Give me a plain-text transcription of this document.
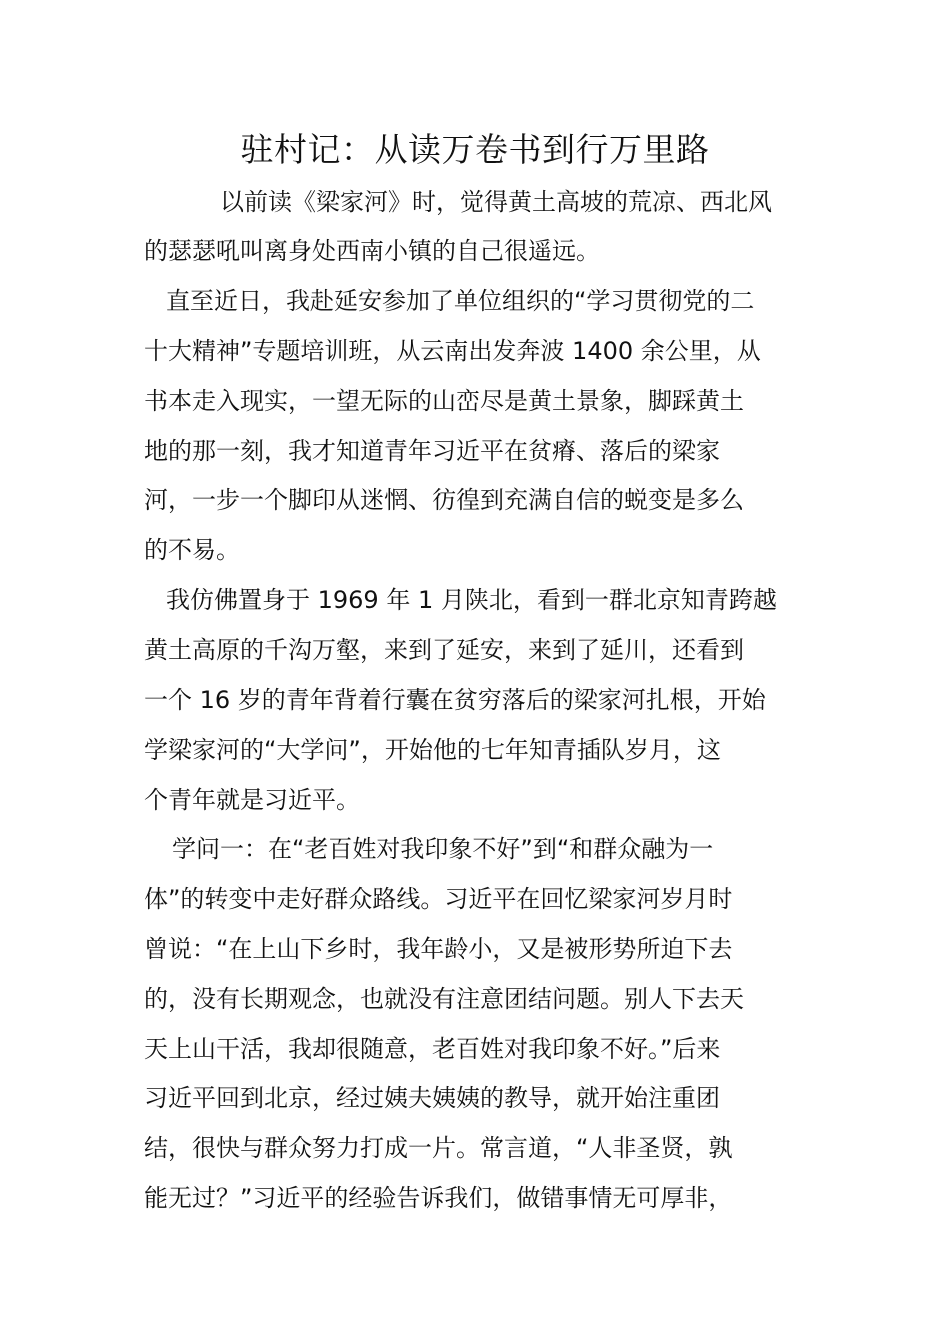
驻村记：从读万卷书到行万里路
以前读《梁家河》时，觉得黄土高坡的荒凉、西北风
的瑟瑟吼叫离身处西南小镇的自己很遥远。
直至近日，我赴延安参加了单位组织的“学习贯彻党的二
十大精神”专题培训班，从云南出发奔波 1400 余公里，从
书本走入现实，一望无际的山峦尽是黄土景象，脚踩黄土
地的那一刻，我才知道青年习近平在贫瘠、落后的梁家
河，一步一个脚印从迷惘、彷徨到充满自信的蜕变是多么
的不易。
我仿佛置身于 1969 年 1 月陕北，看到一群北京知青跨越
黄土高原的千沟万壑，来到了延安，来到了延川，还看到
一个 16 岁的青年背着行囊在贫穷落后的梁家河扎根，开始
学梁家河的“大学问”，开始他的七年知青插队岁月，这
个青年就是习近平。
学问一：在“老百姓对我印象不好”到“和群众融为一
体”的转变中走好群众路线。习近平在回忆梁家河岁月时
曾说：“在上山下乡时，我年龄小，又是被形势所迫下去
的，没有长期观念，也就没有注意团结问题。别人下去天
天上山干活，我却很随意，老百姓对我印象不好。”后来
习近平回到北京，经过姨夫姨姨的教导，就开始注重团
结，很快与群众努力打成一片。常言道，“人非圣贤，孰
能无过？”习近平的经验告诉我们，做错事情无可厚非，
